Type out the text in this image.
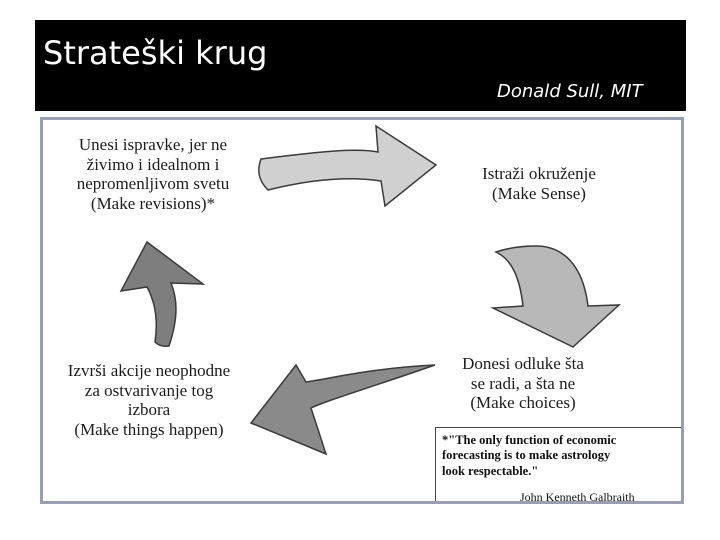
Strateški krug
Donald Sull, MIT
Unesi ispravke, jer ne
živimo i idealnom i
nepromenljivom svetu
(Make revisions)*
Istraži okruženje
(Make Sense)
Donesi odluke šta
se radi, a šta ne
(Make choices)
Izvrši akcije neophodne
za ostvarivanje tog
izbora
(Make things happen)
*"The only function of economic
forecasting is to make astrology
look respectable."
John Kenneth Galbraith
